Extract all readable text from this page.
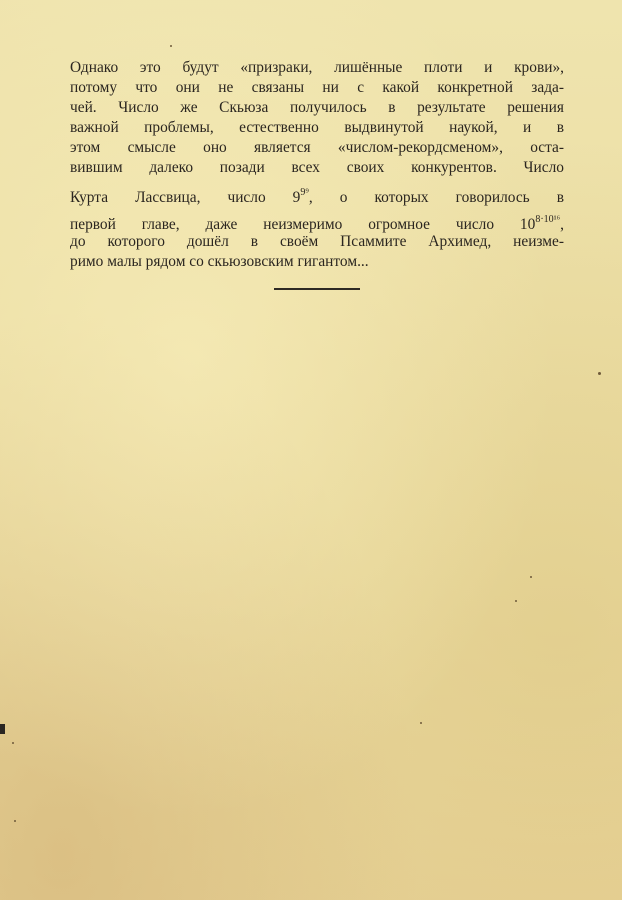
Однако это будут «призраки, лишённые плоти и крови»,
потому что они не связаны ни с какой конкретной зада-
чей. Число же Скьюза получилось в результате решения
важной проблемы, естественно выдвинутой наукой, и в
этом смысле оно является «числом-рекордсменом», оста-
вившим далеко позади всех своих конкурентов. Число
Курта Лассвица, число $9^{9^9}$, о которых говорилось в
первой главе, даже неизмеримо огромное число $10^{8\cdot 10^{16}}$,
до которого дошёл в своём Псаммите Архимед, неизме-
римо малы рядом со скьюзовским гигантом...
